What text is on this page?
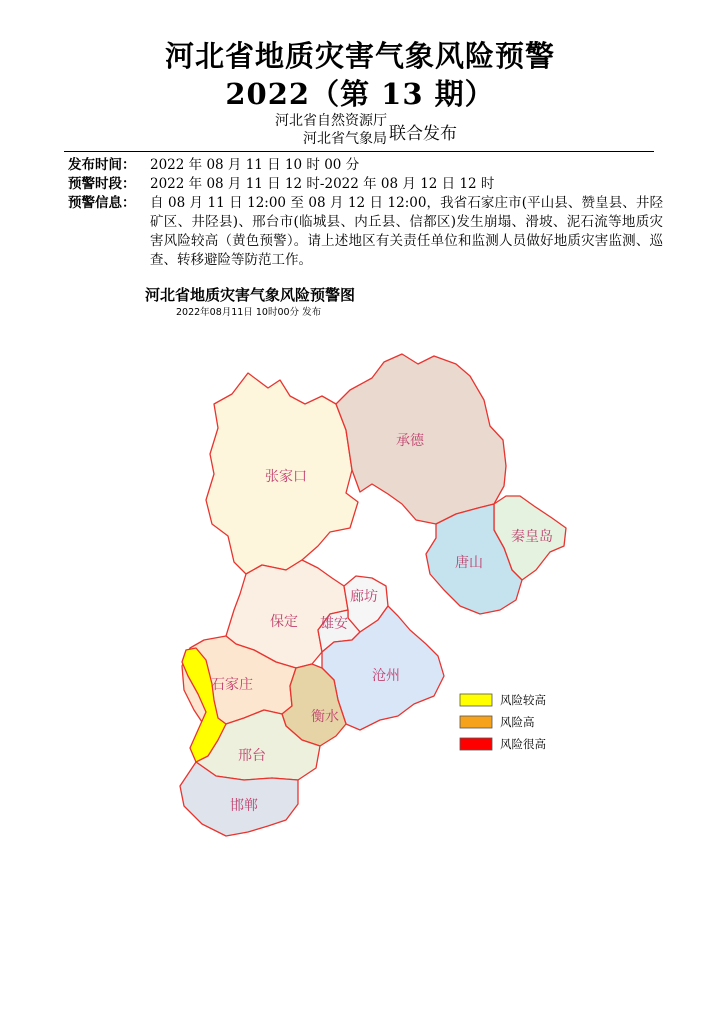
河北省地质灾害气象风险预警
2022（第 13 期）
河北省自然资源厅
河北省气象局 联合发布
发布时间： 2022 年 08 月 11 日 10 时 00 分
预警时段： 2022 年 08 月 11 日 12 时-2022 年 08 月 12 日 12 时
预警信息：	自 08 月 11 日 12:00 至 08 月 12 日 12:00，我省石家庄市(平山县、赞皇县、井陉矿区、井陉县)、邢台市(临城县、内丘县、信都区)发生崩塌、滑坡、泥石流等地质灾害风险较高（黄色预警）。请上述地区有关责任单位和监测人员做好地质灾害监测、巡查、转移避险等防范工作。
河北省地质灾害气象风险预警图
2022年08月11日 10时00分 发布
张家口
承德
秦皇岛
唐山
廊坊
保定 雄安
沧州
石家庄
衡水
邢台
邯郸
风险较高
风险高
风险很高
